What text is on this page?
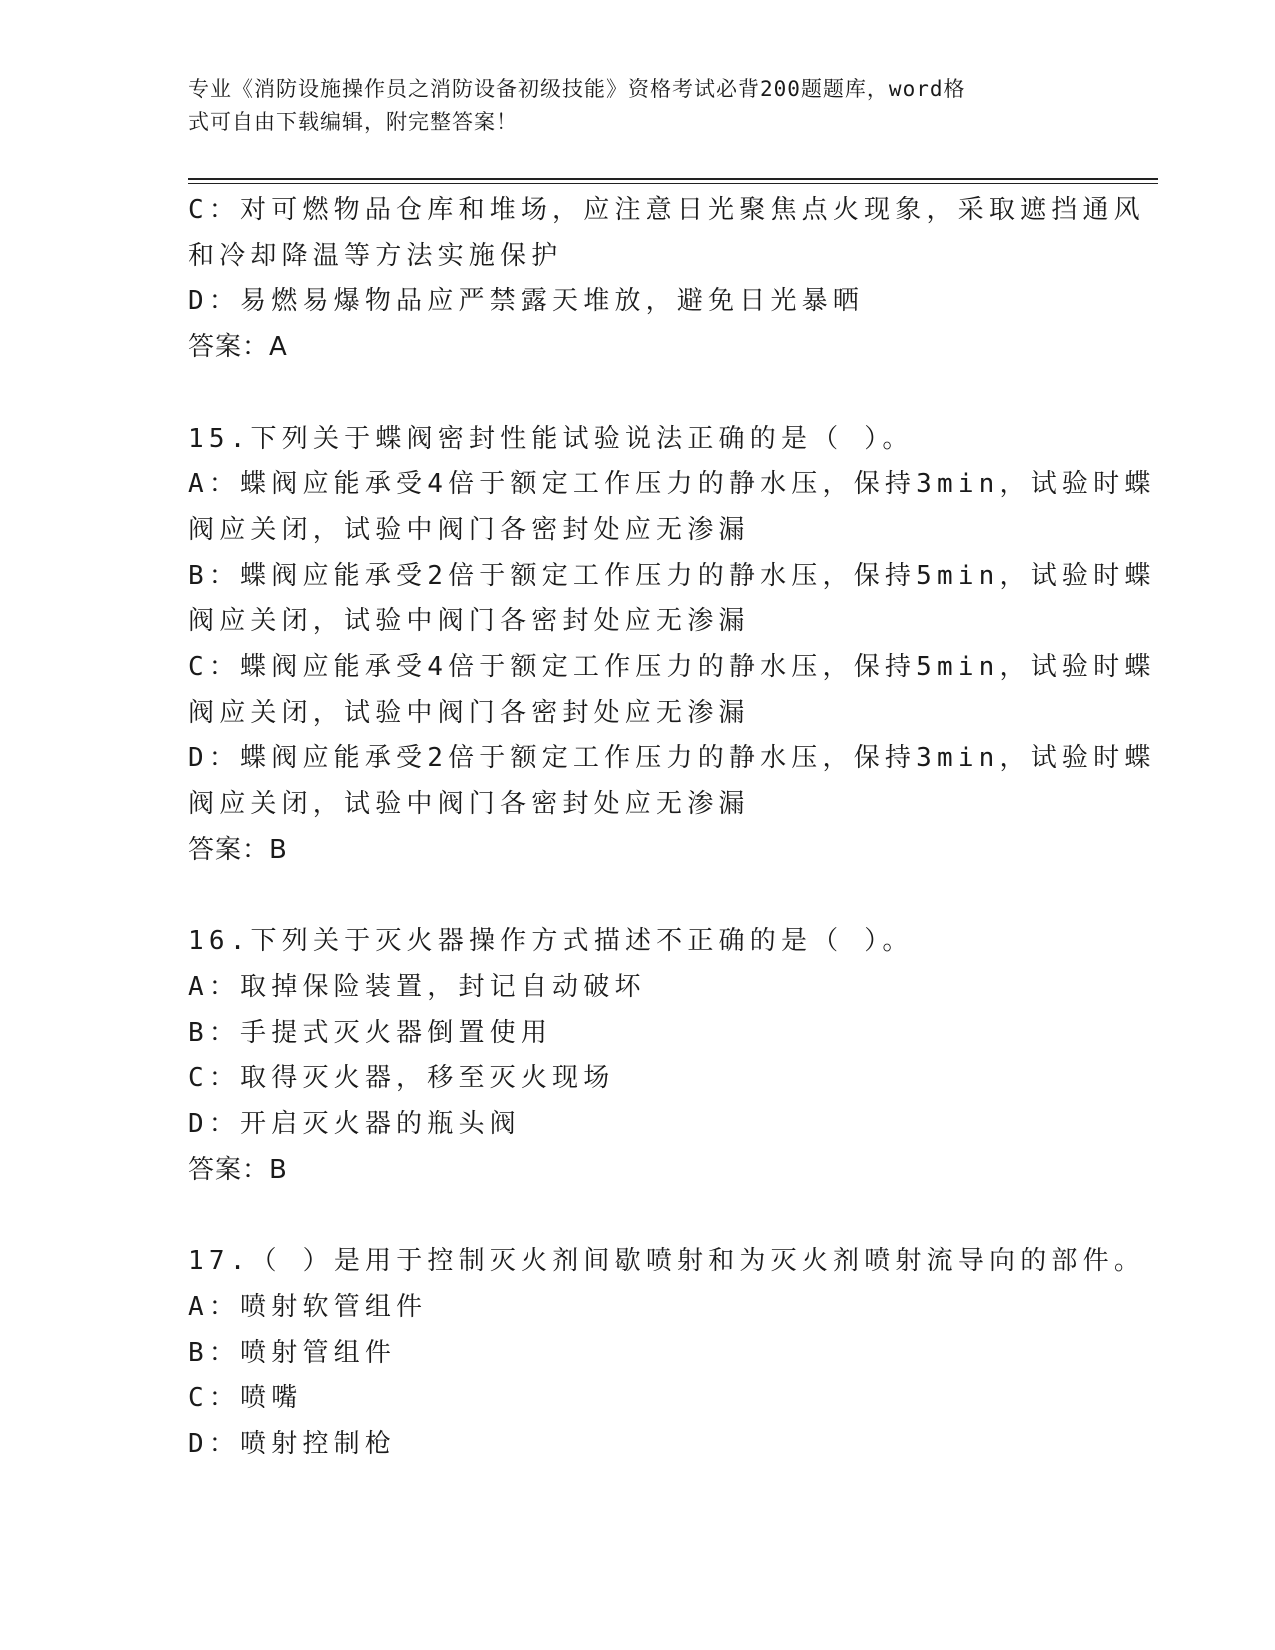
专业《消防设施操作员之消防设备初级技能》资格考试必背200题题库，word格
式可自由下载编辑，附完整答案！
C：对可燃物品仓库和堆场，应注意日光聚焦点火现象，采取遮挡通风
和冷却降温等方法实施保护
D：易燃易爆物品应严禁露天堆放，避免日光暴晒
答案：A
15.下列关于蝶阀密封性能试验说法正确的是（ ）。
A：蝶阀应能承受4倍于额定工作压力的静水压，保持3min，试验时蝶
阀应关闭，试验中阀门各密封处应无渗漏
B：蝶阀应能承受2倍于额定工作压力的静水压，保持5min，试验时蝶
阀应关闭，试验中阀门各密封处应无渗漏
C：蝶阀应能承受4倍于额定工作压力的静水压，保持5min，试验时蝶
阀应关闭，试验中阀门各密封处应无渗漏
D：蝶阀应能承受2倍于额定工作压力的静水压，保持3min，试验时蝶
阀应关闭，试验中阀门各密封处应无渗漏
答案：B
16.下列关于灭火器操作方式描述不正确的是（ ）。
A：取掉保险装置，封记自动破坏
B：手提式灭火器倒置使用
C：取得灭火器，移至灭火现场
D：开启灭火器的瓶头阀
答案：B
17.（ ）是用于控制灭火剂间歇喷射和为灭火剂喷射流导向的部件。
A：喷射软管组件
B：喷射管组件
C：喷嘴
D：喷射控制枪
